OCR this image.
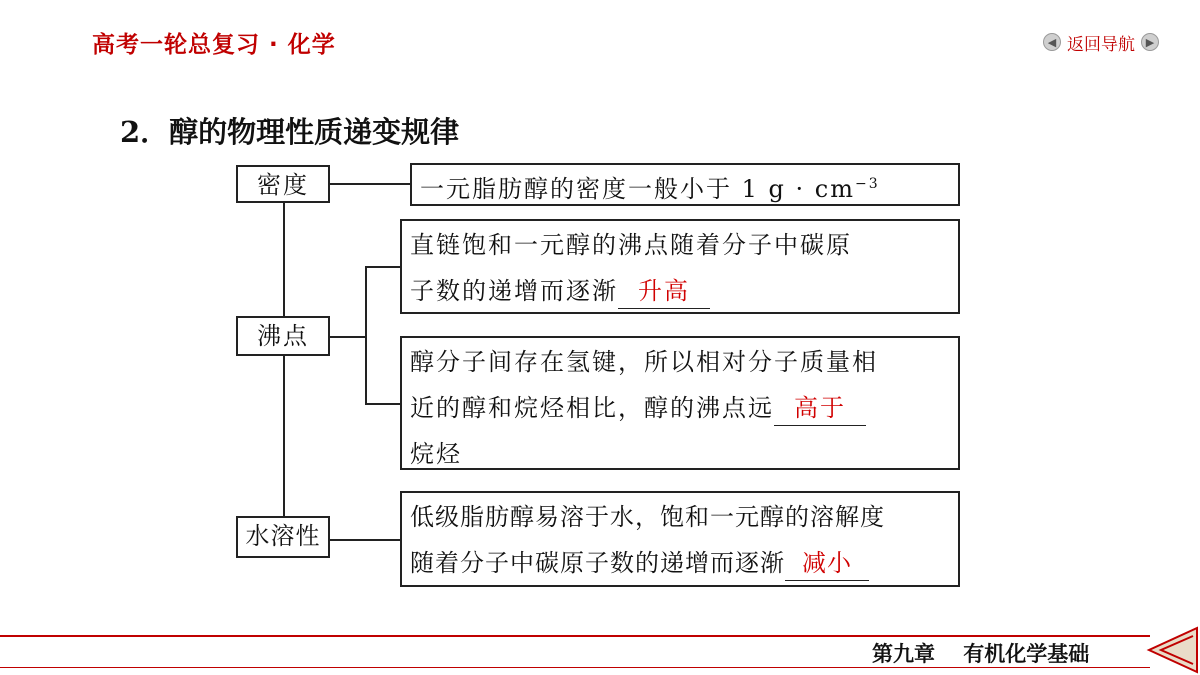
高考一轮总复习 · 化学	◀ 返回导航 ▶
2．醇的物理性质递变规律
密度
沸点
水溶性
一元脂肪醇的密度一般小于 1 $g \cdot cm^{-3}$
直链饱和一元醇的沸点随着分子中碳原
子数的递增而逐渐 升高
醇分子间存在氢键，所以相对分子质量相
近的醇和烷烃相比，醇的沸点远 高于
烷烃
低级脂肪醇易溶于水，饱和一元醇的溶解度
随着分子中碳原子数的递增而逐渐 减小
第九章　 有机化学基础
